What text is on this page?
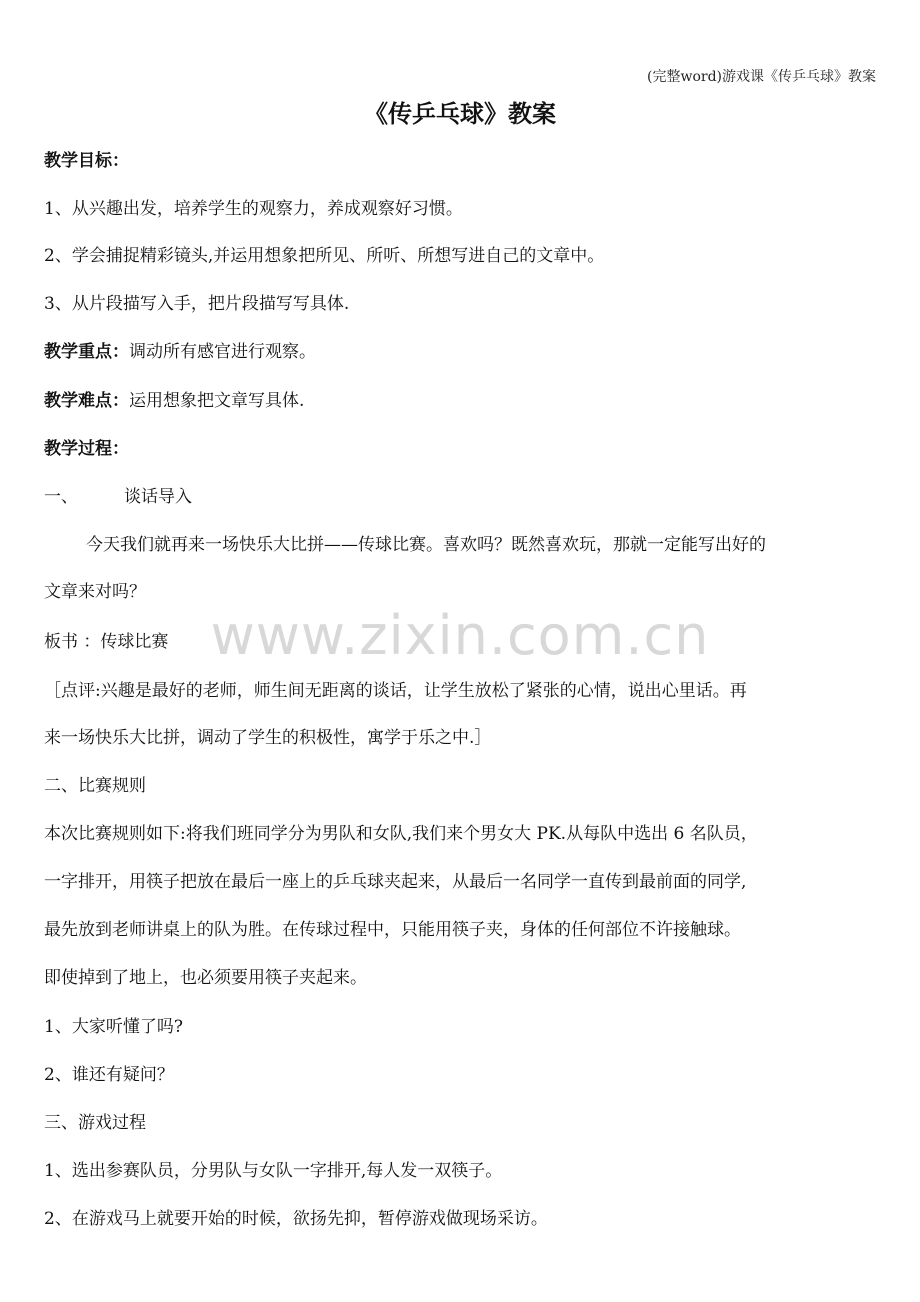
(完整word)游戏课《传乒乓球》教案
《传乒乓球》教案
www.zixin.com.cn
教学目标：
1、从兴趣出发，培养学生的观察力，养成观察好习惯。
2、学会捕捉精彩镜头,并运用想象把所见、所听、所想写进自己的文章中。
3、从片段描写入手，把片段描写写具体.
教学重点：调动所有感官进行观察。
教学难点：运用想象把文章写具体.
教学过程：
一、	谈话导入
今天我们就再来一场快乐大比拼——传球比赛。喜欢吗？既然喜欢玩，那就一定能写出好的
文章来对吗？
板书 ：传球比赛
［点评:兴趣是最好的老师，师生间无距离的谈话，让学生放松了紧张的心情，说出心里话。再
来一场快乐大比拼，调动了学生的积极性，寓学于乐之中.］
二、比赛规则
本次比赛规则如下:将我们班同学分为男队和女队,我们来个男女大 PK.从每队中选出 6 名队员，
一字排开，用筷子把放在最后一座上的乒乓球夹起来，从最后一名同学一直传到最前面的同学,
最先放到老师讲桌上的队为胜。在传球过程中，只能用筷子夹，身体的任何部位不许接触球。
即使掉到了地上，也必须要用筷子夹起来。
1、大家听懂了吗?
2、谁还有疑问？
三、游戏过程
1、选出参赛队员，分男队与女队一字排开,每人发一双筷子。
2、在游戏马上就要开始的时候，欲扬先抑，暂停游戏做现场采访。
